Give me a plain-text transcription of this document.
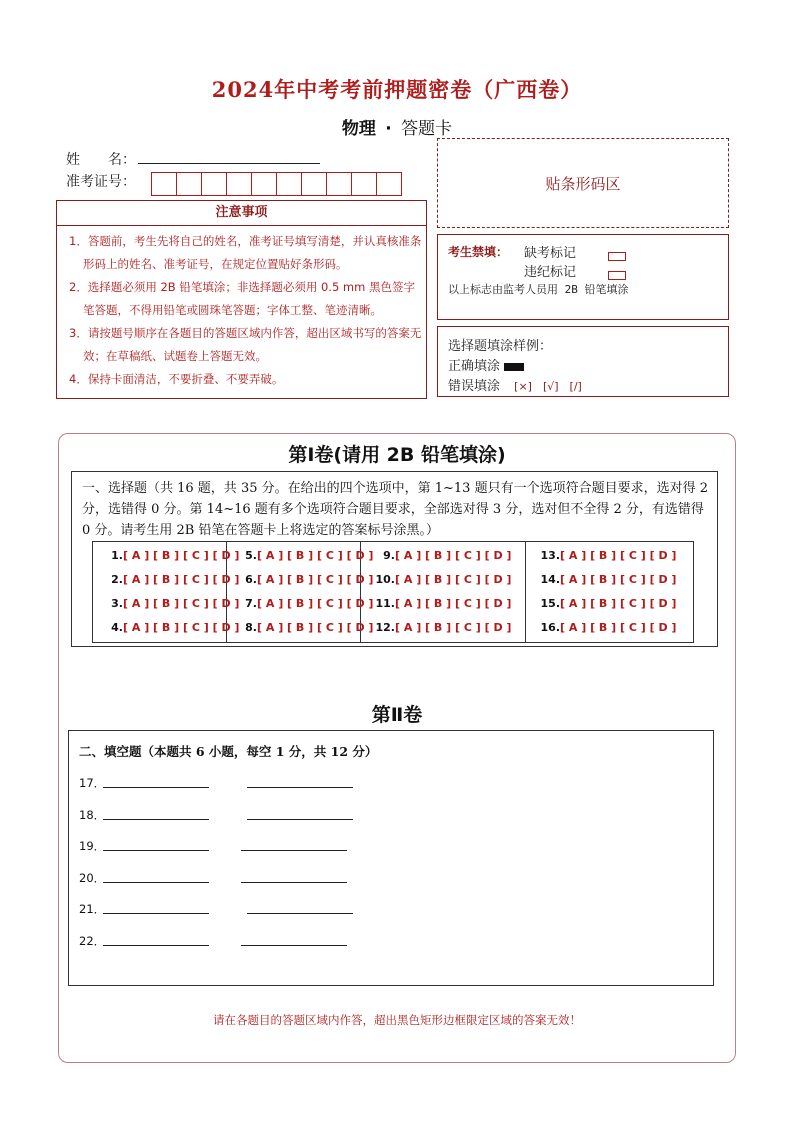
2024年中考考前押题密卷（广西卷）
物理 · 答题卡
姓　　名：
准考证号：	贴条形码区
注意事项
1．答题前，考生先将自己的姓名，准考证号填写清楚，并认真核准条形码上的姓名、准考证号，在规定位置贴好条形码。
2．选择题必须用 2B 铅笔填涂；非选择题必须用 0.5 mm 黑色签字笔答题，不得用铅笔或圆珠笔答题；字体工整、笔迹清晰。
3．请按题号顺序在各题目的答题区域内作答，超出区域书写的答案无效；在草稿纸、试题卷上答题无效。
4．保持卡面清洁，不要折叠、不要弄破。
考生禁填： 缺考标记
违纪标记
以上标志由监考人员用 2B 铅笔填涂
选择题填涂样例：
正确填涂
错误填涂 [×]　[√]　[/]
第Ⅰ卷(请用 2B 铅笔填涂)
一、选择题（共 16 题，共 35 分。在给出的四个选项中，第 1~13 题只有一个选项符合题目要求，选对得 2 分，选错得 0 分。第 14~16 题有多个选项符合题目要求，全部选对得 3 分，选对但不全得 2 分，有选错得 0 分。请考生用 2B 铅笔在答题卡上将选定的答案标号涂黑。）
1.[ A ] [ B ] [ C ] [ D ]
2.[ A ] [ B ] [ C ] [ D ]
3.[ A ] [ B ] [ C ] [ D ]
4.[ A ] [ B ] [ C ] [ D ]
5.[ A ] [ B ] [ C ] [ D ]
6.[ A ] [ B ] [ C ] [ D ]
7.[ A ] [ B ] [ C ] [ D ]
8.[ A ] [ B ] [ C ] [ D ]
9.[ A ] [ B ] [ C ] [ D ]
10.[ A ] [ B ] [ C ] [ D ]
11.[ A ] [ B ] [ C ] [ D ]
12.[ A ] [ B ] [ C ] [ D ]
13.[ A ] [ B ] [ C ] [ D ]
14.[ A ] [ B ] [ C ] [ D ]
15.[ A ] [ B ] [ C ] [ D ]
16.[ A ] [ B ] [ C ] [ D ]
第Ⅱ卷
二、填空题（本题共 6 小题，每空 1 分，共 12 分）
17．
18．
19．
20．
21．
22．
请在各题目的答题区域内作答，超出黑色矩形边框限定区域的答案无效！
